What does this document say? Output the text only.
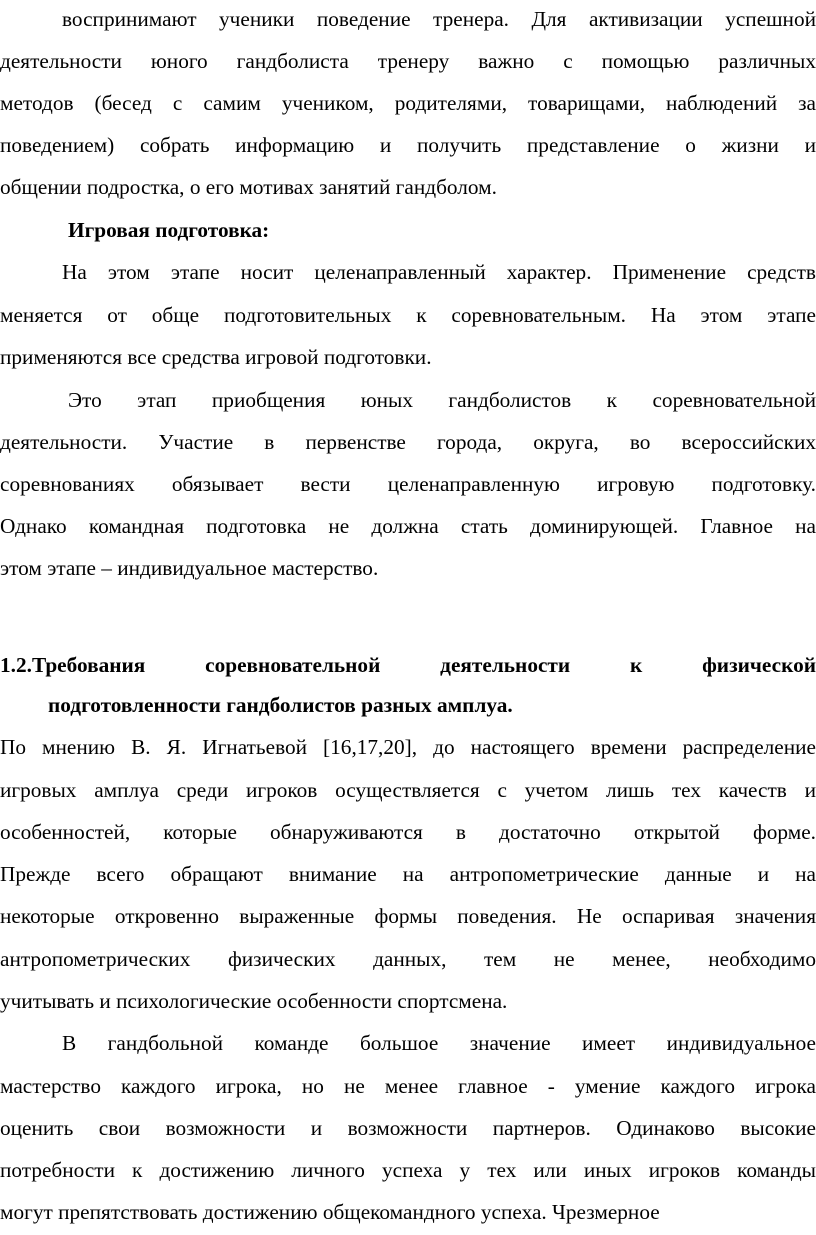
воспринимают ученики поведение тренера. Для активизации успешной
деятельности юного гандболиста тренеру важно с помощью различных
методов (бесед с самим учеником, родителями, товарищами, наблюдений за
поведением) собрать информацию и получить представление о жизни и
общении подростка, о его мотивах занятий гандболом.
Игровая подготовка:
На этом этапе носит целенаправленный характер. Применение средств
меняется от обще подготовительных к соревновательным. На этом этапе
применяются все средства игровой подготовки.
Это этап приобщения юных гандболистов к соревновательной
деятельности. Участие в первенстве города, округа, во всероссийских
соревнованиях обязывает вести целенаправленную игровую подготовку.
Однако командная подготовка не должна стать доминирующей. Главное на
этом этапе – индивидуальное мастерство.
1.2.Требования	соревновательной	деятельности	к	физической
подготовленности гандболистов разных амплуа.
По мнению В. Я. Игнатьевой [16,17,20], до настоящего времени распределение
игровых амплуа среди игроков осуществляется с учетом лишь тех качеств и
особенностей, которые обнаруживаются в достаточно открытой форме.
Прежде всего обращают внимание на антропометрические данные и на
некоторые откровенно выраженные формы поведения. Не оспаривая значения
антропометрических физических данных, тем не менее, необходимо
учитывать и психологические особенности спортсмена.
В гандбольной команде большое значение имеет индивидуальное
мастерство каждого игрока, но не менее главное - умение каждого игрока
оценить свои возможности и возможности партнеров. Одинаково высокие
потребности к достижению личного успеха у тех или иных игроков команды
могут препятствовать достижению общекомандного успеха. Чрезмерное
